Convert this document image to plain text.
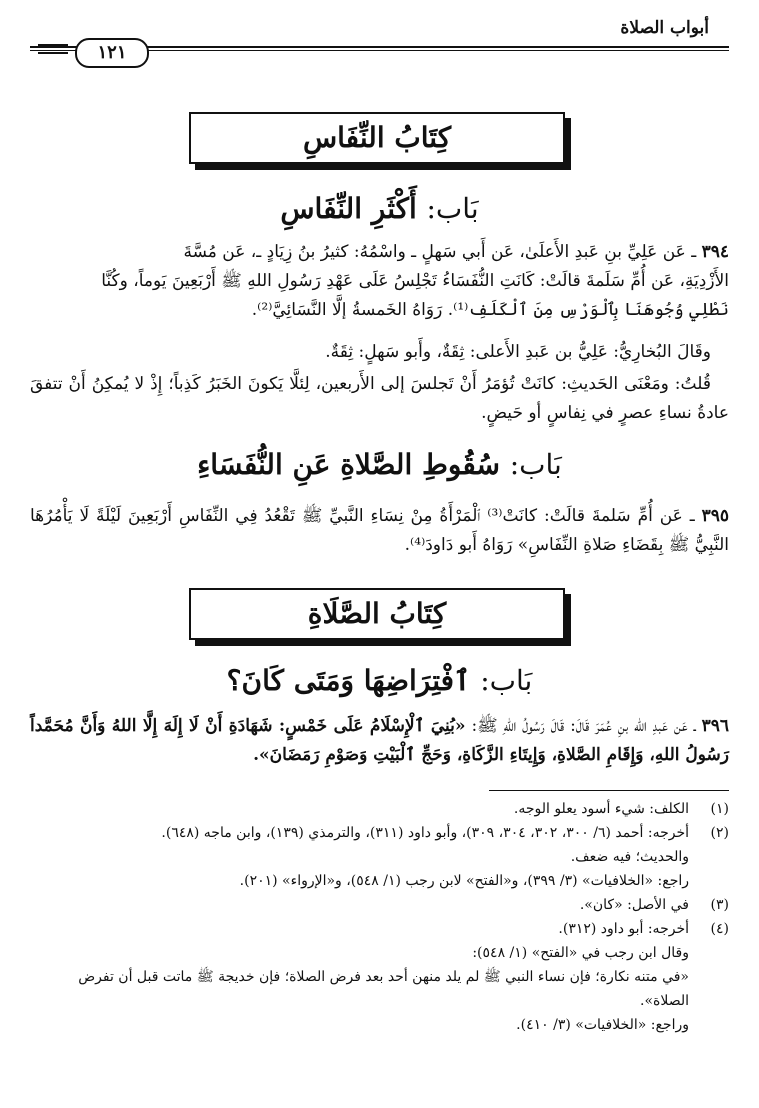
أبواب الصلاة
١٢١
كِتَابُ النِّفَاسِ
بَاب: أَكْثَرِ النِّفَاسِ
٣٩٤ ـ عَن عَلِيِّ بنِ عَبدِ الأَعلَىٰ، عَن أَبي سَهلٍ ـ واسْمُهُ: كثيرُ بنُ زِيَادٍ ـ، عَن مُسَّةَ
الأَزْدِيَةِ، عَن أُمِّ سَلَمةَ قالَتْ: كَانَتِ النُّفَسَاءُ تَجْلِسُ عَلَى عَهْدِ رَسُولِ اللهِ ﷺ أَرْبَعِينَ يَوماً، وكُنَّا
نَطْلِي وُجُوهَنَا بِٱلْوَرْسِ مِنَ ٱلْكَلَفِ⁽¹⁾. رَوَاهُ الخَمسةُ إلَّا النَّسَائِيَّ⁽²⁾.
وقَالَ البُخارِيُّ: عَلِيُّ بن عَبدِ الأَعلى: ثِقَةٌ، وأَبو سَهلٍ: ثِقَةٌ.
قُلتُ: ومَعْنَى الحَديثِ: كانَتْ تُؤمَرُ أَنْ تَجلسَ إلى الأَربعين، لِئلَّا يَكونَ الخَبَرُ كَذِباً؛ إِذْ لا يُمكِنُ أَنْ تتفقَ عادةُ نساءِ عصرٍ في نِفاسٍ أو حَيضٍ.
بَاب: سُقُوطِ الصَّلاةِ عَنِ النُّفَسَاءِ
٣٩٥ ـ عَن أُمِّ سَلمةَ قالَتْ: كانَتْ⁽³⁾ ٱلْمَرْأَةُ مِنْ نِسَاءِ النَّبيِّ ﷺ تَقْعُدُ فِي النِّفَاسِ أَرْبَعِينَ لَيْلَةً لَا يَأْمُرُهَا النَّبِيُّ ﷺ بِقَضَاءِ صَلاةِ النِّفَاسِ» رَوَاهُ أَبو دَاودَ⁽⁴⁾.
كِتَابُ الصَّلَاةِ
بَاب: ٱفْتِرَاضِهَا وَمَتَى كَانَ؟
٣٩٦ ـ عَن عَبدِ الله بنِ عُمَرَ قَالَ: قَالَ رَسُولُ اللهِ ﷺ: «بُنِيَ ٱلْإِسْلَامُ عَلَى خَمْسٍ: شَهَادَةِ أَنْ لَا إِلَهَ إِلَّا اللهُ وَأَنَّ مُحَمَّداً رَسُولُ اللهِ، وَإِقَامِ الصَّلاةِ، وَإِيتَاءِ الزَّكَاةِ، وَحَجِّ ٱلْبَيْتِ وَصَوْمِ رَمَضَانَ».
(١)
الكلف: شيء أسود يعلو الوجه.
(٢)
أخرجه: أحمد (٦/ ٣٠٠، ٣٠٢، ٣٠٤، ٣٠٩)، وأبو داود (٣١١)، والترمذي (١٣٩)، وابن ماجه (٦٤٨).
والحديث؛ فيه ضعف.
راجع: «الخلافيات» (٣/ ٣٩٩)، و«الفتح» لابن رجب (١/ ٥٤٨)، و«الإرواء» (٢٠١).
(٣)
في الأصل: «كان».
(٤)
أخرجه: أبو داود (٣١٢).
وقال ابن رجب في «الفتح» (١/ ٥٤٨):
«في متنه نكارة؛ فإن نساء النبي ﷺ لم يلد منهن أحد بعد فرض الصلاة؛ فإن خديجة ﷺ ماتت قبل أن تفرض الصلاة».
وراجع: «الخلافيات» (٣/ ٤١٠).
